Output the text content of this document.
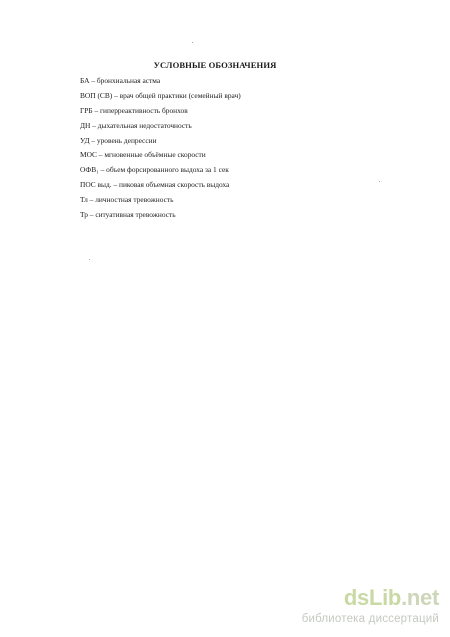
УСЛОВНЫЕ ОБОЗНАЧЕНИЯ
БА – бронхиальная астма
ВОП (СВ) – врач общей практики (семейный врач)
ГРБ – гиперреактивность бронхов
ДН – дыхательная недостаточность
УД – уровень депрессии
МОС – мгновенные объёмные скорости
ОФВ₁ – объем форсированного выдоха за 1 сек
ПОС выд. – пиковая объемная скорость выдоха
Тл – личностная тревожность
Тр – ситуативная тревожность
dsLib.net
библиотека диссертаций
